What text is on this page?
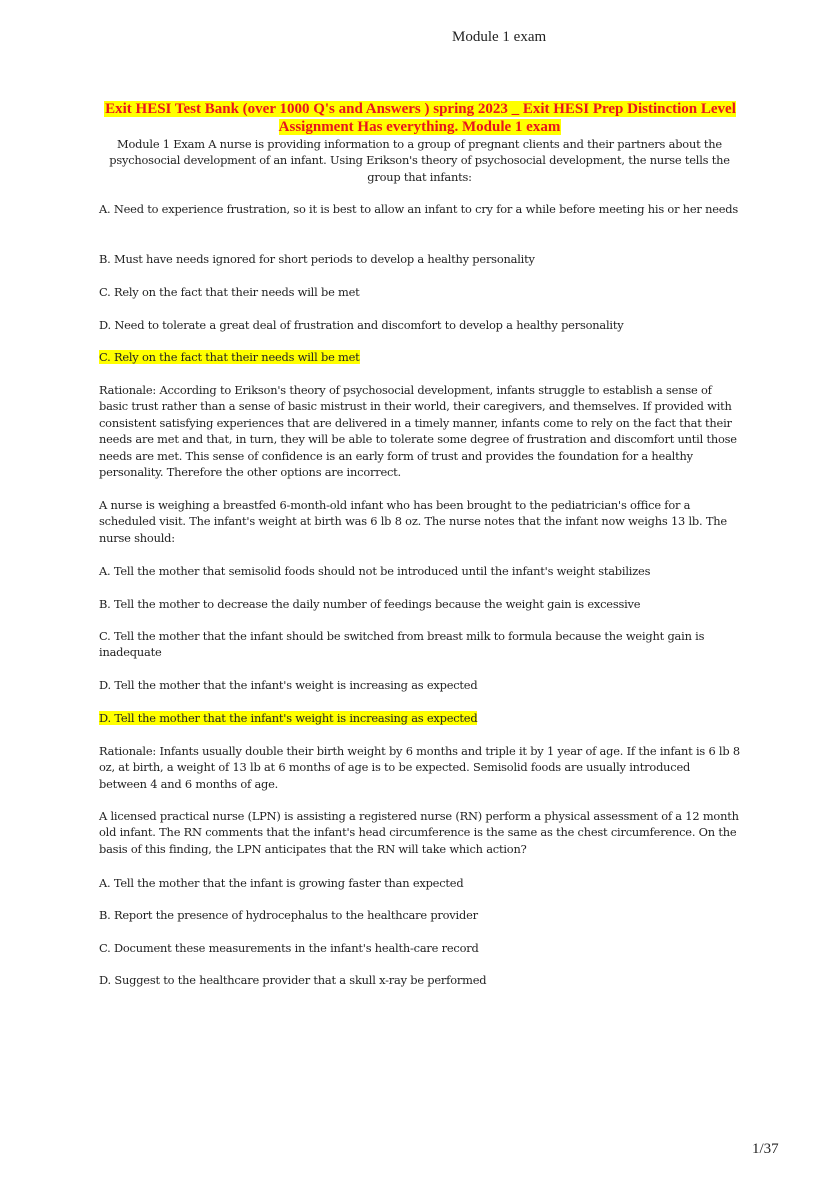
Module 1 exam
Exit HESI Test Bank (over 1000 Q's and Answers ) spring 2023 _ Exit HESI Prep Distinction Level Assignment Has everything. Module 1 exam
Module 1 Exam A nurse is providing information to a group of pregnant clients and their partners about the psychosocial development of an infant. Using Erikson's theory of psychosocial development, the nurse tells the group that infants:
A. Need to experience frustration, so it is best to allow an infant to cry for a while before meeting his or her needs
B. Must have needs ignored for short periods to develop a healthy personality
C. Rely on the fact that their needs will be met
D. Need to tolerate a great deal of frustration and discomfort to develop a healthy personality
C. Rely on the fact that their needs will be met
Rationale: According to Erikson's theory of psychosocial development, infants struggle to establish a sense of basic trust rather than a sense of basic mistrust in their world, their caregivers, and themselves. If provided with consistent satisfying experiences that are delivered in a timely manner, infants come to rely on the fact that their needs are met and that, in turn, they will be able to tolerate some degree of frustration and discomfort until those needs are met. This sense of confidence is an early form of trust and provides the foundation for a healthy personality. Therefore the other options are incorrect.
A nurse is weighing a breastfed 6-month-old infant who has been brought to the pediatrician's office for a scheduled visit. The infant's weight at birth was 6 lb 8 oz. The nurse notes that the infant now weighs 13 lb. The nurse should:
A. Tell the mother that semisolid foods should not be introduced until the infant's weight stabilizes
B. Tell the mother to decrease the daily number of feedings because the weight gain is excessive
C. Tell the mother that the infant should be switched from breast milk to formula because the weight gain is inadequate
D. Tell the mother that the infant's weight is increasing as expected
D. Tell the mother that the infant's weight is increasing as expected
Rationale: Infants usually double their birth weight by 6 months and triple it by 1 year of age. If the infant is 6 lb 8 oz, at birth, a weight of 13 lb at 6 months of age is to be expected. Semisolid foods are usually introduced between 4 and 6 months of age.
A licensed practical nurse (LPN) is assisting a registered nurse (RN) perform a physical assessment of a 12 month old infant. The RN comments that the infant's head circumference is the same as the chest circumference. On the basis of this finding, the LPN anticipates that the RN will take which action?
A. Tell the mother that the infant is growing faster than expected
B. Report the presence of hydrocephalus to the healthcare provider
C. Document these measurements in the infant's health-care record
D. Suggest to the healthcare provider that a skull x-ray be performed
1/37
